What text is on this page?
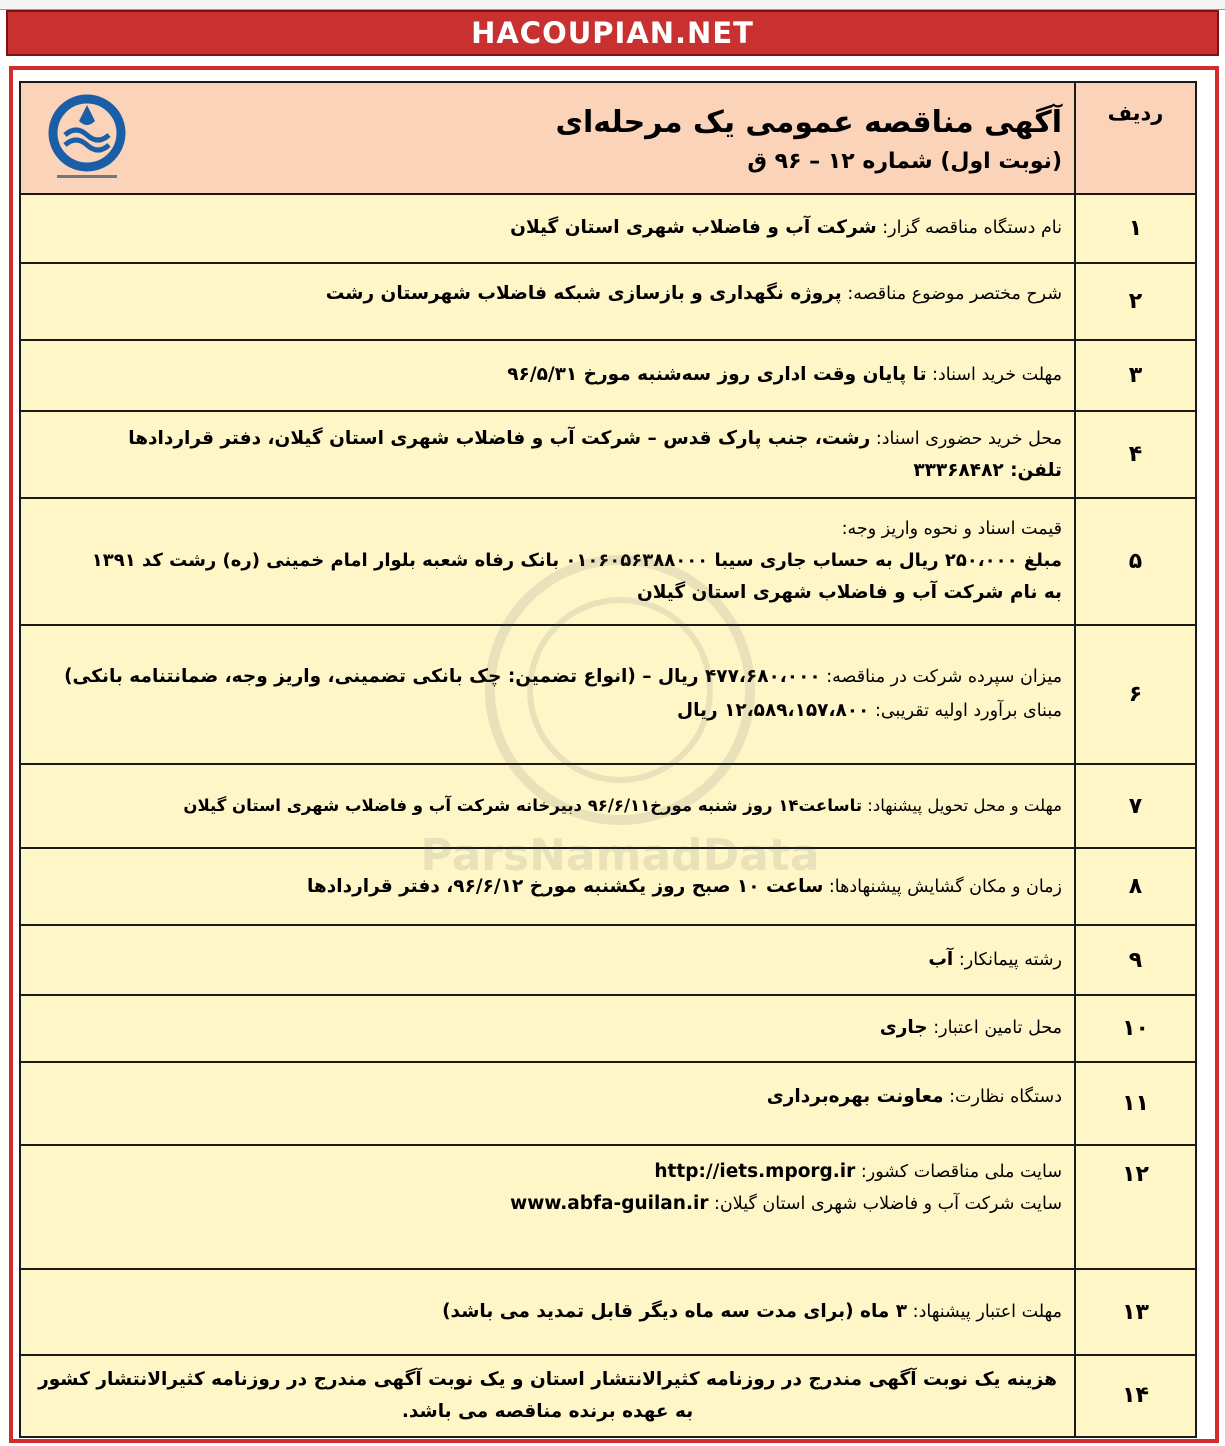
HACOUPIAN.NET
ردیف	آگهی مناقصه عمومی یک مرحله‌ای
(نوبت اول) شماره ۱۲ – ۹۶ ق

۱	نام دستگاه مناقصه گزار: شرکت آب و فاضلاب شهری استان گیلان
۲	شرح مختصر موضوع مناقصه: پروژه نگهداری و بازسازی شبکه فاضلاب شهرستان رشت
۳	مهلت خرید اسناد: تا پایان وقت اداری روز سه‌شنبه مورخ ۹۶/۵/۳۱
۴	محل خرید حضوری اسناد: رشت، جنب پارک قدس – شرکت آب و فاضلاب شهری استان گیلان، دفتر قراردادها
تلفن: ۳۳۳۶۸۴۸۲

۵	قیمت اسناد و نحوه واریز وجه:
مبلغ ۲۵۰،۰۰۰ ریال به حساب جاری سیبا ۰۱۰۶۰۵۶۳۸۸۰۰۰ بانک رفاه شعبه بلوار امام خمینی (ره) رشت کد ۱۳۹۱
به نام شرکت آب و فاضلاب شهری استان گیلان

۶	میزان سپرده شرکت در مناقصه: ۴۷۷،۶۸۰،۰۰۰ ریال – (انواع تضمین: چک بانکی تضمینی، واریز وجه، ضمانتنامه بانکی)
مبنای برآورد اولیه تقریبی: ۱۲،۵۸۹،۱۵۷،۸۰۰ ریال

۷	مهلت و محل تحویل پیشنهاد: تاساعت۱۴ روز شنبه مورخ۹۶/۶/۱۱ دبیرخانه شرکت آب و فاضلاب شهری استان گیلان
۸	زمان و مکان گشایش پیشنهادها: ساعت ۱۰ صبح روز یکشنبه مورخ ۹۶/۶/۱۲، دفتر قراردادها
۹	رشته پیمانکار: آب
۱۰	محل تامین اعتبار: جاری
۱۱	دستگاه نظارت: معاونت بهره‌برداری
۱۲	سایت ملی مناقصات کشور: http://iets.mporg.ir
سایت شرکت آب و فاضلاب شهری استان گیلان: www.abfa-guilan.ir

۱۳	مهلت اعتبار پیشنهاد: ۳ ماه (برای مدت سه ماه دیگر قابل تمدید می باشد)
۱۴	هزینه یک نوبت آگهی مندرج در روزنامه کثیرالانتشار استان و یک نوبت آگهی مندرج در روزنامه کثیرالانتشار کشور به عهده برنده مناقصه می باشد.
